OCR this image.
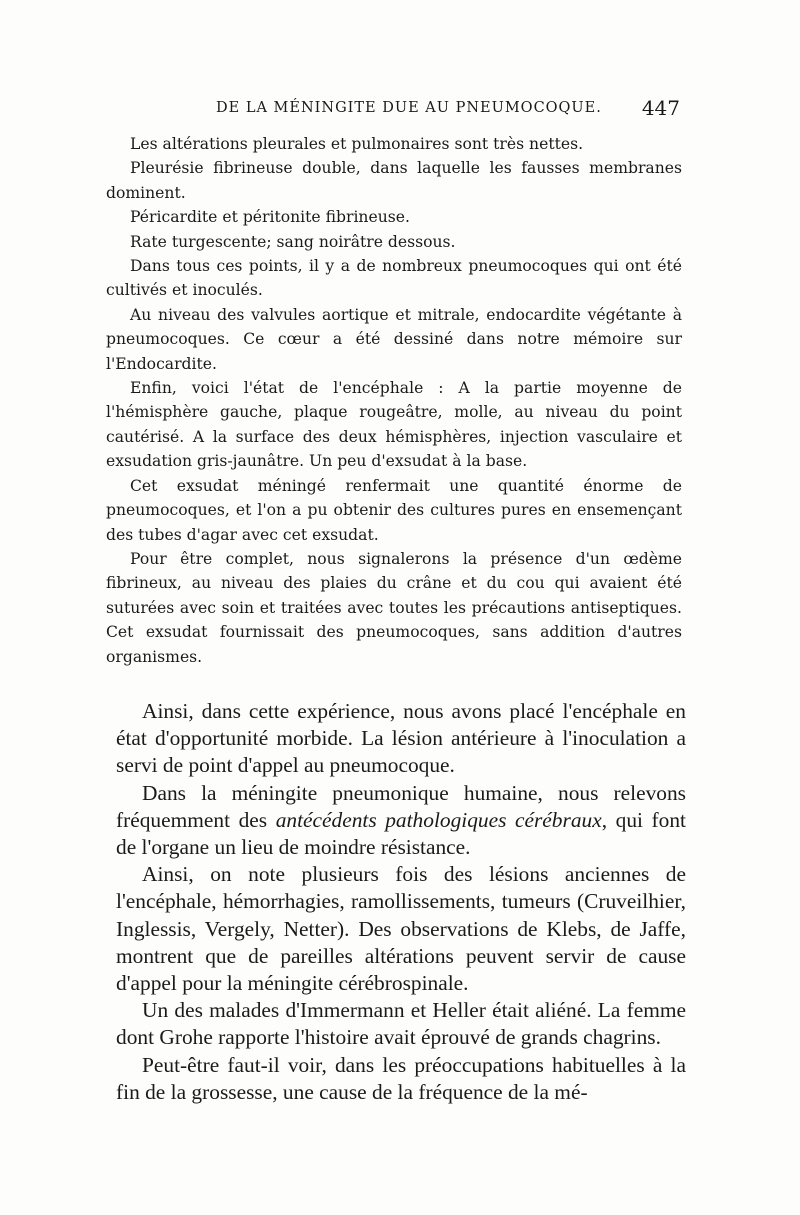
DE LA MÉNINGITE DUE AU PNEUMOCOQUE. 447

Les altérations pleurales et pulmonaires sont très nettes.

Pleurésie fibrineuse double, dans laquelle les fausses membranes dominent.

Péricardite et péritonite fibrineuse.

Rate turgescente; sang noirâtre dessous.

Dans tous ces points, il y a de nombreux pneumocoques qui ont été cultivés et inoculés.

Au niveau des valvules aortique et mitrale, endocardite végétante à pneumocoques. Ce cœur a été dessiné dans notre mémoire sur l'Endocardite.

Enfin, voici l'état de l'encéphale : A la partie moyenne de l'hémisphère gauche, plaque rougeâtre, molle, au niveau du point cautérisé. A la surface des deux hémisphères, injection vasculaire et exsudation gris-jaunâtre. Un peu d'exsudat à la base.

Cet exsudat méningé renfermait une quantité énorme de pneumocoques, et l'on a pu obtenir des cultures pures en ensemençant des tubes d'agar avec cet exsudat.

Pour être complet, nous signalerons la présence d'un œdème fibrineux, au niveau des plaies du crâne et du cou qui avaient été suturées avec soin et traitées avec toutes les précautions antiseptiques. Cet exsudat fournissait des pneumocoques, sans addition d'autres organismes.

Ainsi, dans cette expérience, nous avons placé l'encéphale en état d'opportunité morbide. La lésion antérieure à l'inoculation a servi de point d'appel au pneumocoque.

Dans la méningite pneumonique humaine, nous relevons fréquemment des antécédents pathologiques cérébraux, qui font de l'organe un lieu de moindre résistance.

Ainsi, on note plusieurs fois des lésions anciennes de l'encéphale, hémorrhagies, ramollissements, tumeurs (Cruveilhier, Inglessis, Vergely, Netter). Des observations de Klebs, de Jaffe, montrent que de pareilles altérations peuvent servir de cause d'appel pour la méningite cérébrospinale.

Un des malades d'Immermann et Heller était aliéné. La femme dont Grohe rapporte l'histoire avait éprouvé de grands chagrins.

Peut-être faut-il voir, dans les préoccupations habituelles à la fin de la grossesse, une cause de la fréquence de la mé-
